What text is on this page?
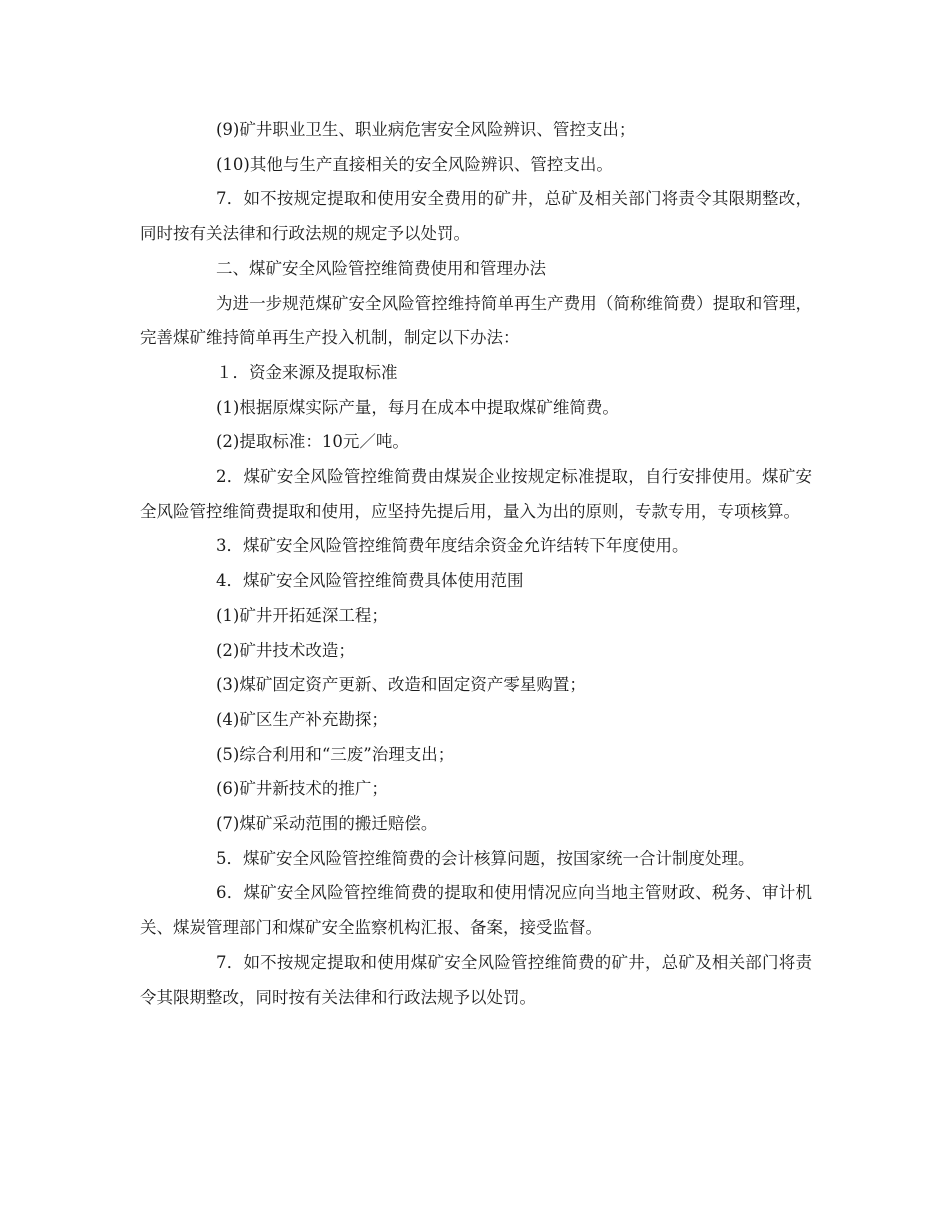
(9)矿井职业卫生、职业病危害安全风险辨识、管控支出；

(10)其他与生产直接相关的安全风险辨识、管控支出。

7．如不按规定提取和使用安全费用的矿井，总矿及相关部门将责令其限期整改，同时按有关法律和行政法规的规定予以处罚。

二、煤矿安全风险管控维简费使用和管理办法

为进一步规范煤矿安全风险管控维持简单再生产费用（简称维简费）提取和管理，完善煤矿维持简单再生产投入机制，制定以下办法：

１．资金来源及提取标准

(1)根据原煤实际产量，每月在成本中提取煤矿维简费。

(2)提取标准：10元／吨。

2．煤矿安全风险管控维简费由煤炭企业按规定标准提取，自行安排使用。煤矿安全风险管控维简费提取和使用，应坚持先提后用，量入为出的原则，专款专用，专项核算。

3．煤矿安全风险管控维简费年度结余资金允许结转下年度使用。

4．煤矿安全风险管控维简费具体使用范围

(1)矿井开拓延深工程；

(2)矿井技术改造；

(3)煤矿固定资产更新、改造和固定资产零星购置；

(4)矿区生产补充勘探；

(5)综合利用和“三废”治理支出；

(6)矿井新技术的推广；

(7)煤矿采动范围的搬迁赔偿。

5．煤矿安全风险管控维简费的会计核算问题，按国家统一合计制度处理。

6．煤矿安全风险管控维简费的提取和使用情况应向当地主管财政、税务、审计机关、煤炭管理部门和煤矿安全监察机构汇报、备案，接受监督。

7．如不按规定提取和使用煤矿安全风险管控维简费的矿井，总矿及相关部门将责令其限期整改，同时按有关法律和行政法规予以处罚。
